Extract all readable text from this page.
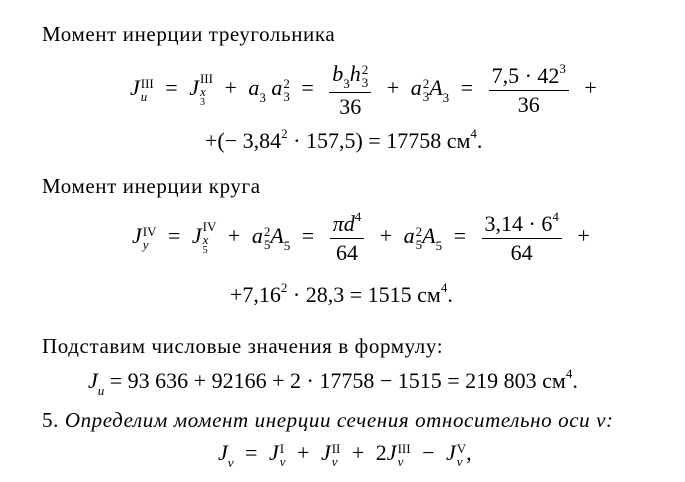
Момент инерции треугольника
J III
u = J III
x
3
+ $a_3$ a 2
$3 = b_3h$ 2
3
36 + a 2
3 $A_3 = \frac{7,5 \cdot 42^3}{36}$ +
+(− $3,84^2 \cdot 157,5) = 17758$ $см^4$.
Момент инерции круга
J IV
y = J IV
x
5
+ a 2
5 $A_5 = \frac{\pi d^4}{64} + a$ 2
5 $A_5 = \frac{3,14 \cdot 6^4}{64}$ +
$+7,16^2 \cdot 28,3 = 1515$ $см^4$.
Подставим числовые значения в формулу:
$J_u = 93$ 636 + 92166 + 2 · 17758 − 1515 = 219 803 $см^4$.
5. Определим момент инерции сечения относительно оси v:
$J_v = J$ I
v + J II
v + 2J III
v − J V
v ,
